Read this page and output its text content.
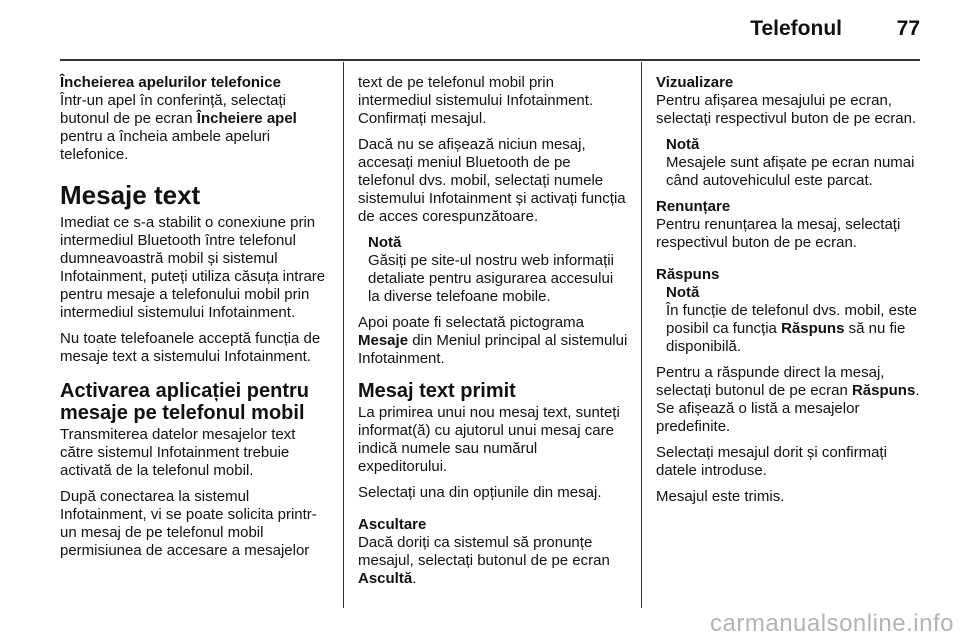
Telefonul	77
Încheierea apelurilor telefonice

Într-un apel în conferință, selectați butonul de pe ecran Încheiere apel pentru a încheia ambele apeluri telefonice.

Mesaje text

Imediat ce s-a stabilit o conexiune prin intermediul Bluetooth între telefonul dumneavoastră mobil și sistemul Infotainment, puteți utiliza căsuța intrare pentru mesaje a telefonului mobil prin intermediul sistemului Infotainment.

Nu toate telefoanele acceptă funcția de mesaje text a sistemului Infotainment.

Activarea aplicației pentru mesaje pe telefonul mobil

Transmiterea datelor mesajelor text către sistemul Infotainment trebuie activată de la telefonul mobil.

După conectarea la sistemul Infotainment, vi se poate solicita printr-un mesaj de pe telefonul mobil permisiunea de accesare a mesajelor

text de pe telefonul mobil prin intermediul sistemului Infotainment. Confirmați mesajul.

Dacă nu se afișează niciun mesaj, accesați meniul Bluetooth de pe telefonul dvs. mobil, selectați numele sistemului Infotainment și activați funcția de acces corespunzătoare.

Notă
Găsiți pe site-ul nostru web informații detaliate pentru asigurarea accesului la diverse telefoane mobile.

Apoi poate fi selectată pictograma Mesaje din Meniul principal al sistemului Infotainment.

Mesaj text primit

La primirea unui nou mesaj text, sunteți informat(ă) cu ajutorul unui mesaj care indică numele sau numărul expeditorului.

Selectați una din opțiunile din mesaj.

Ascultare

Dacă doriți ca sistemul să pronunțe mesajul, selectați butonul de pe ecran Ascultă.

Vizualizare

Pentru afișarea mesajului pe ecran, selectați respectivul buton de pe ecran.

Notă
Mesajele sunt afișate pe ecran numai când autovehiculul este parcat.
Renunțare

Pentru renunțarea la mesaj, selectați respectivul buton de pe ecran.

Răspuns
Notă
În funcție de telefonul dvs. mobil, este posibil ca funcția Răspuns să nu fie disponibilă.

Pentru a răspunde direct la mesaj, selectați butonul de pe ecran Răspuns. Se afișează o listă a mesajelor predefinite.

Selectați mesajul dorit și confirmați datele introduse.

Mesajul este trimis.

carmanualsonline.info
